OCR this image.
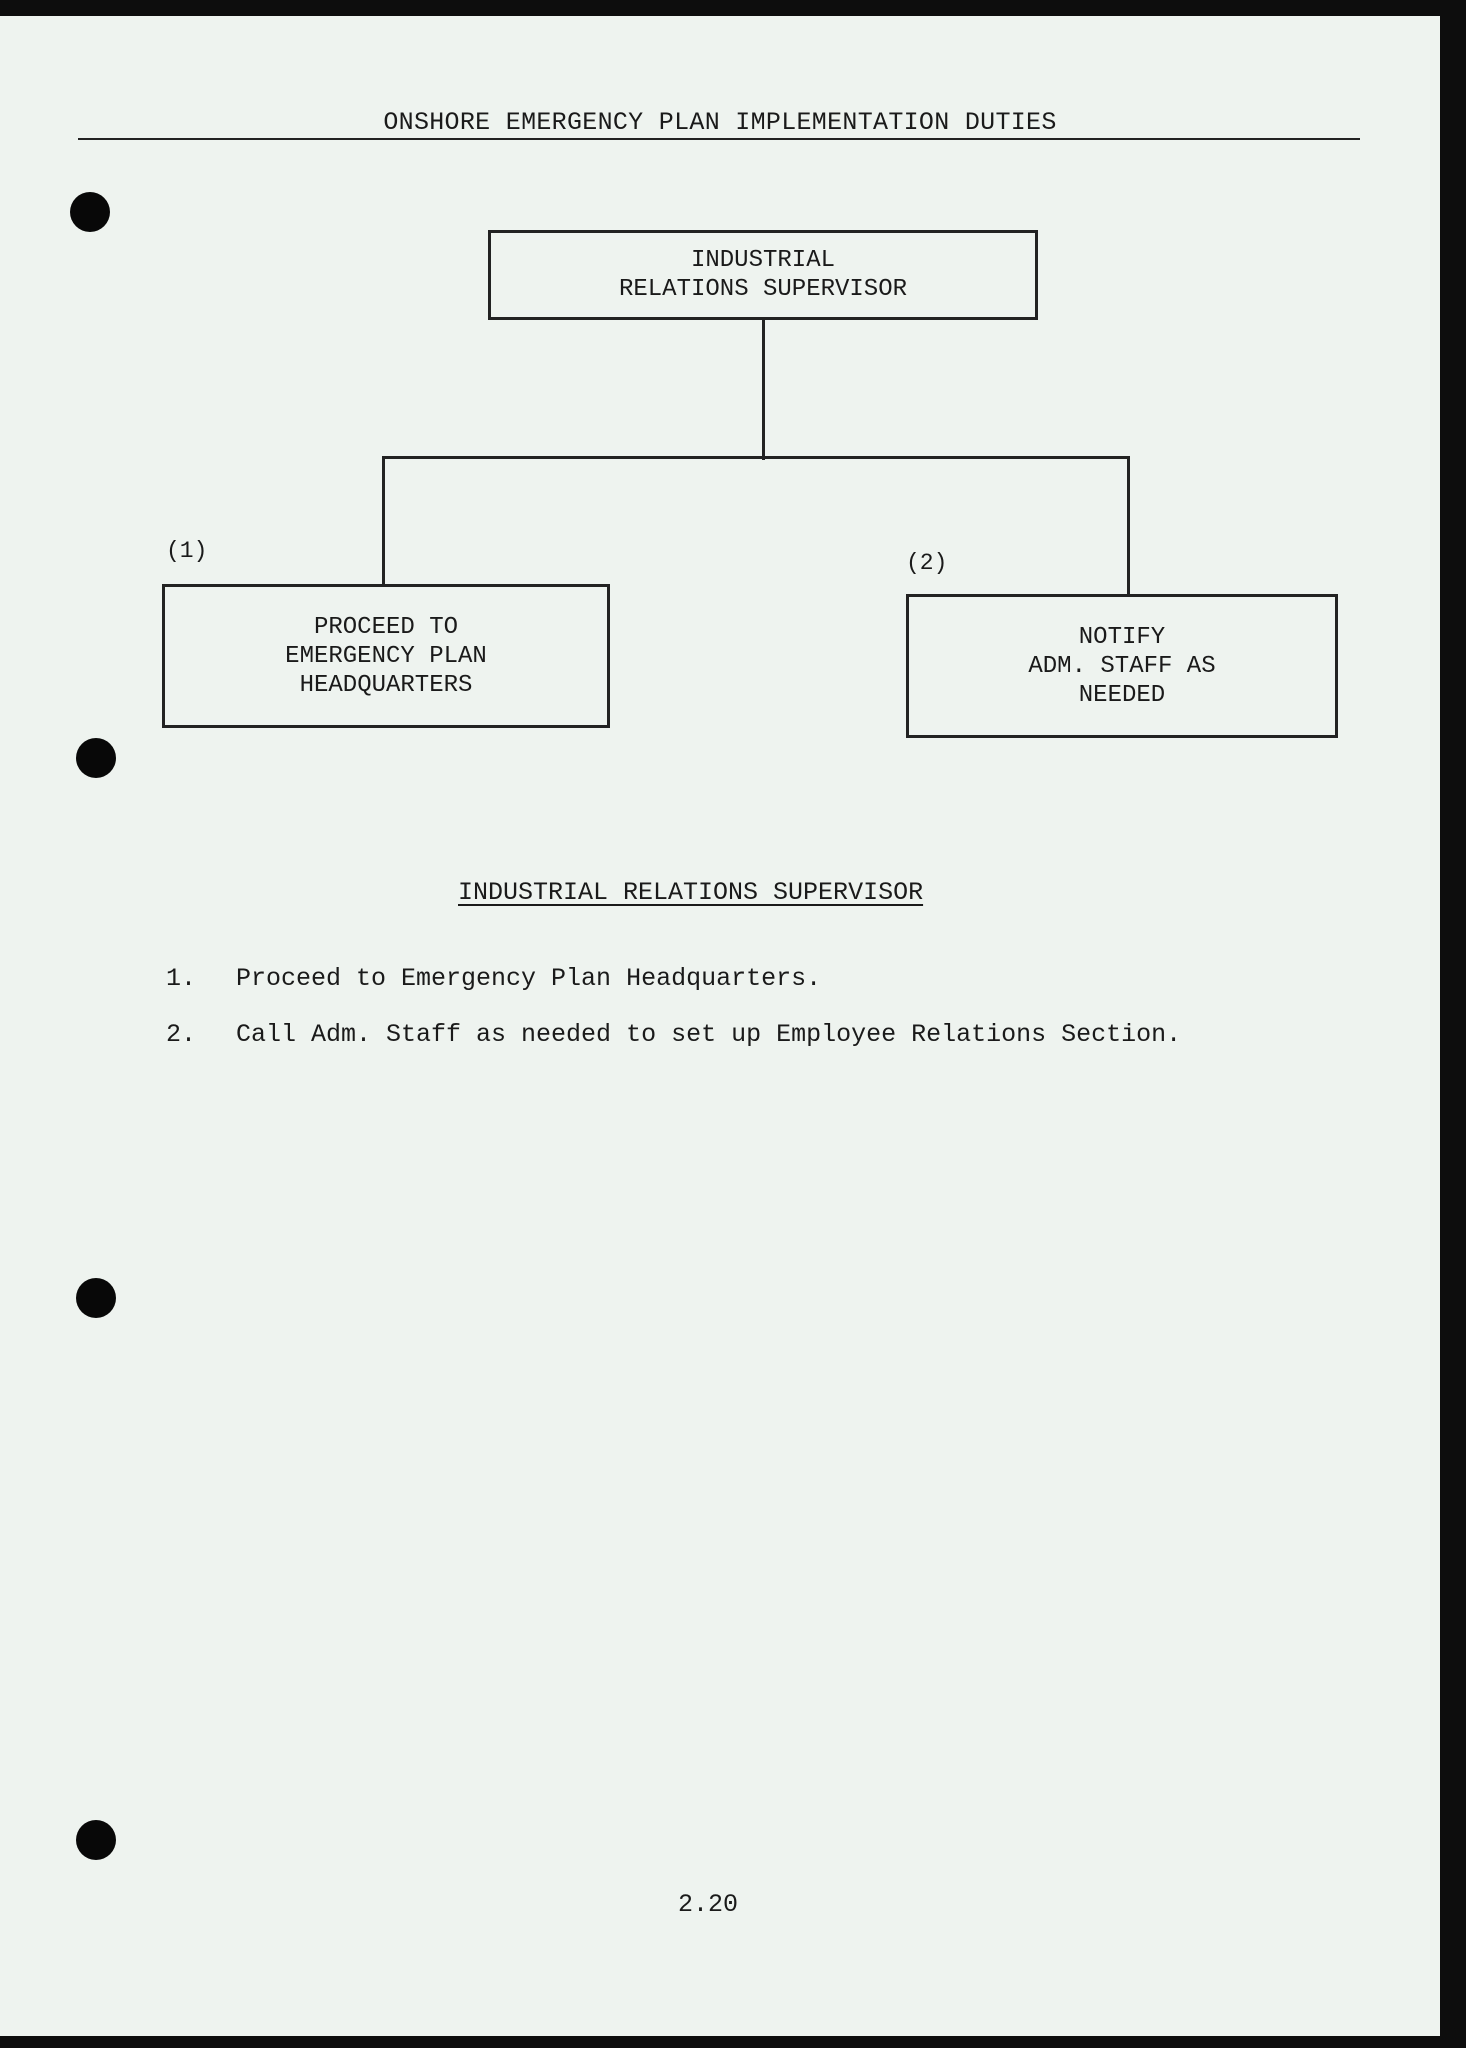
ONSHORE EMERGENCY PLAN IMPLEMENTATION DUTIES
INDUSTRIAL
RELATIONS SUPERVISOR
(1)
PROCEED TO
EMERGENCY PLAN
HEADQUARTERS
(2)
NOTIFY
ADM. STAFF AS
NEEDED
INDUSTRIAL RELATIONS SUPERVISOR
1.	Proceed to Emergency Plan Headquarters.
2.	Call Adm. Staff as needed to set up Employee Relations Section.
2.20
